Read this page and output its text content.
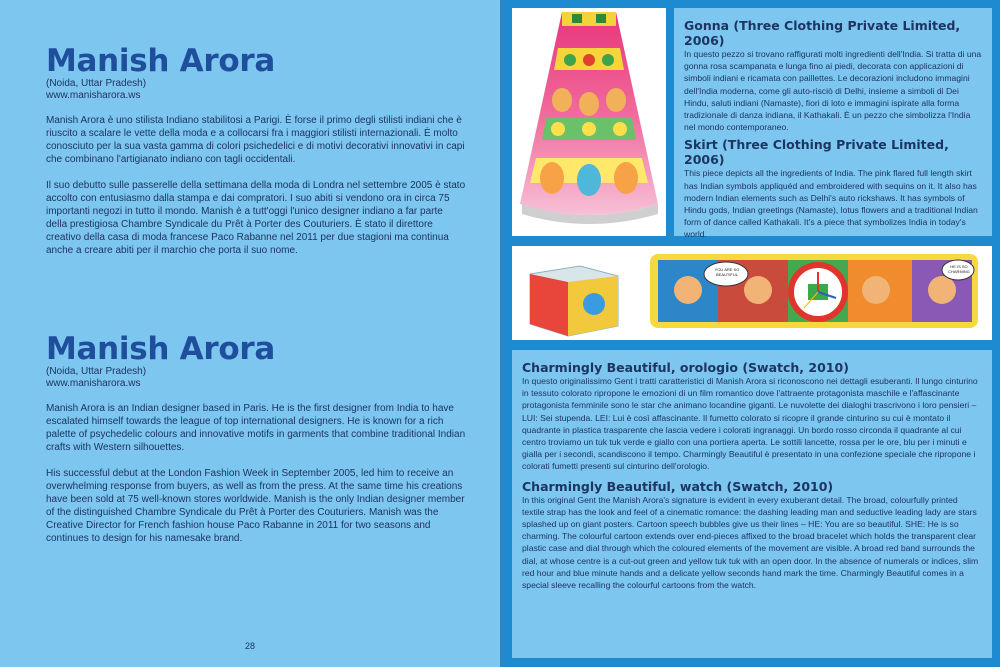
Manish Arora
(Noida, Uttar Pradesh)
www.manisharora.ws

Manish Arora è uno stilista Indiano stabilitosi a Parigi. È forse il primo degli stilisti indiani che è riuscito a scalare le vette della moda e a collocarsi fra i maggiori stilisti internazionali. È molto conosciuto per la sua vasta gamma di colori psichedelici e di motivi decorativi innovativi in capi che combinano l'artigianato indiano con tagli occidentali.

Il suo debutto sulle passerelle della settimana della moda di Londra nel settembre 2005 è stato accolto con entusiasmo dalla stampa e dai compratori. I suo abiti si vendono ora in circa 75 importanti negozi in tutto il mondo. Manish è a tutt'oggi l'unico designer indiano a far parte della prestigiosa Chambre Syndicale du Prêt à Porter des Couturiers. È stato il direttore creativo della casa di moda francese Paco Rabanne nel 2011 per due stagioni ma continua anche a creare abiti per il marchio che porta il suo nome.

Manish Arora
(Noida, Uttar Pradesh)
www.manisharora.ws

Manish Arora is an Indian designer based in Paris. He is the first designer from India to have escalated himself towards the league of top international designers. He is known for a rich palette of psychedelic colours and innovative motifs in garments that combine traditional Indian crafts with Western silhouettes.

His successful debut at the London Fashion Week in September 2005, led him to receive an overwhelming response from buyers, as well as from the press. At the same time his creations have been sold at 75 well-known stores worldwide. Manish is the only Indian designer member of the distinguished Chambre Syndicale du Prêt à Porter des Couturiers. Manish was the Creative Director for French fashion house Paco Rabanne in 2011 for two seasons and continues to design for his namesake brand.

28
Gonna (Three Clothing Private Limited, 2006)

In questo pezzo si trovano raffigurati molti ingredienti dell'India. Si tratta di una gonna rosa scampanata e lunga fino ai piedi, decorata con applicazioni di simboli indiani e ricamata con paillettes. Le decorazioni includono immagini dell'India moderna, come gli auto-risciò di Delhi, insieme a simboli di Dei Hindu, saluti indiani (Namaste), fiori di loto e immagini ispirate alla forma tradizionale di danza indiana, il Kathakali. È un pezzo che simbolizza l'India nel mondo contemporaneo.

Skirt (Three Clothing Private Limited, 2006)

This piece depicts all the ingredients of India. The pink flared full length skirt has Indian symbols appliquéd and embroidered with sequins on it. It also has modern Indian elements such as Delhi's auto rickshaws. It has symbols of Hindu gods, Indian greetings (Namaste), lotus flowers and a traditional Indian form of dance called Kathakali. It's a piece that symbolizes India in today's world.

YOU ARE SO BEAUTIFUL
HE IS SO CHARMING
Charmingly Beautiful, orologio (Swatch, 2010)

In questo originalissimo Gent i tratti caratteristici di Manish Arora si riconoscono nei dettagli esuberanti. Il lungo cinturino in tessuto colorato ripropone le emozioni di un film romantico dove l'attraente protagonista maschile e l'affascinante protagonista femminile sono le star che animano locandine giganti. Le nuvolette dei dialoghi trascrivono i loro pensieri – LUI: Sei stupenda. LEI: Lui è così affascinante. Il fumetto colorato si ricopre il grande cinturino su cui è montato il quadrante in plastica trasparente che lascia vedere i colorati ingranaggi. Un bordo rosso circonda il quadrante al cui centro troviamo un tuk tuk verde e giallo con una portiera aperta. Le sottili lancette, rossa per le ore, blu per i minuti e gialla per i secondi, scandiscono il tempo. Charmingly Beautiful è presentato in una confezione speciale che ripropone i colorati fumetti presenti sul cinturino dell'orologio.

Charmingly Beautiful, watch (Swatch, 2010)

In this original Gent the Manish Arora's signature is evident in every exuberant detail. The broad, colourfully printed textile strap has the look and feel of a cinematic romance: the dashing leading man and seductive leading lady are stars splashed up on giant posters. Cartoon speech bubbles give us their lines – HE: You are so beautiful. SHE: He is so charming. The colourful cartoon extends over end-pieces affixed to the broad bracelet which holds the transparent clear plastic case and dial through which the coloured elements of the movement are visible. A broad red band surrounds the dial, at whose centre is a cut-out green and yellow tuk tuk with an open door. In the absence of numerals or indices, slim red hour and blue minute hands and a delicate yellow seconds hand mark the time. Charmingly Beautiful comes in a special sleeve recalling the colourful cartoons from the watch.
